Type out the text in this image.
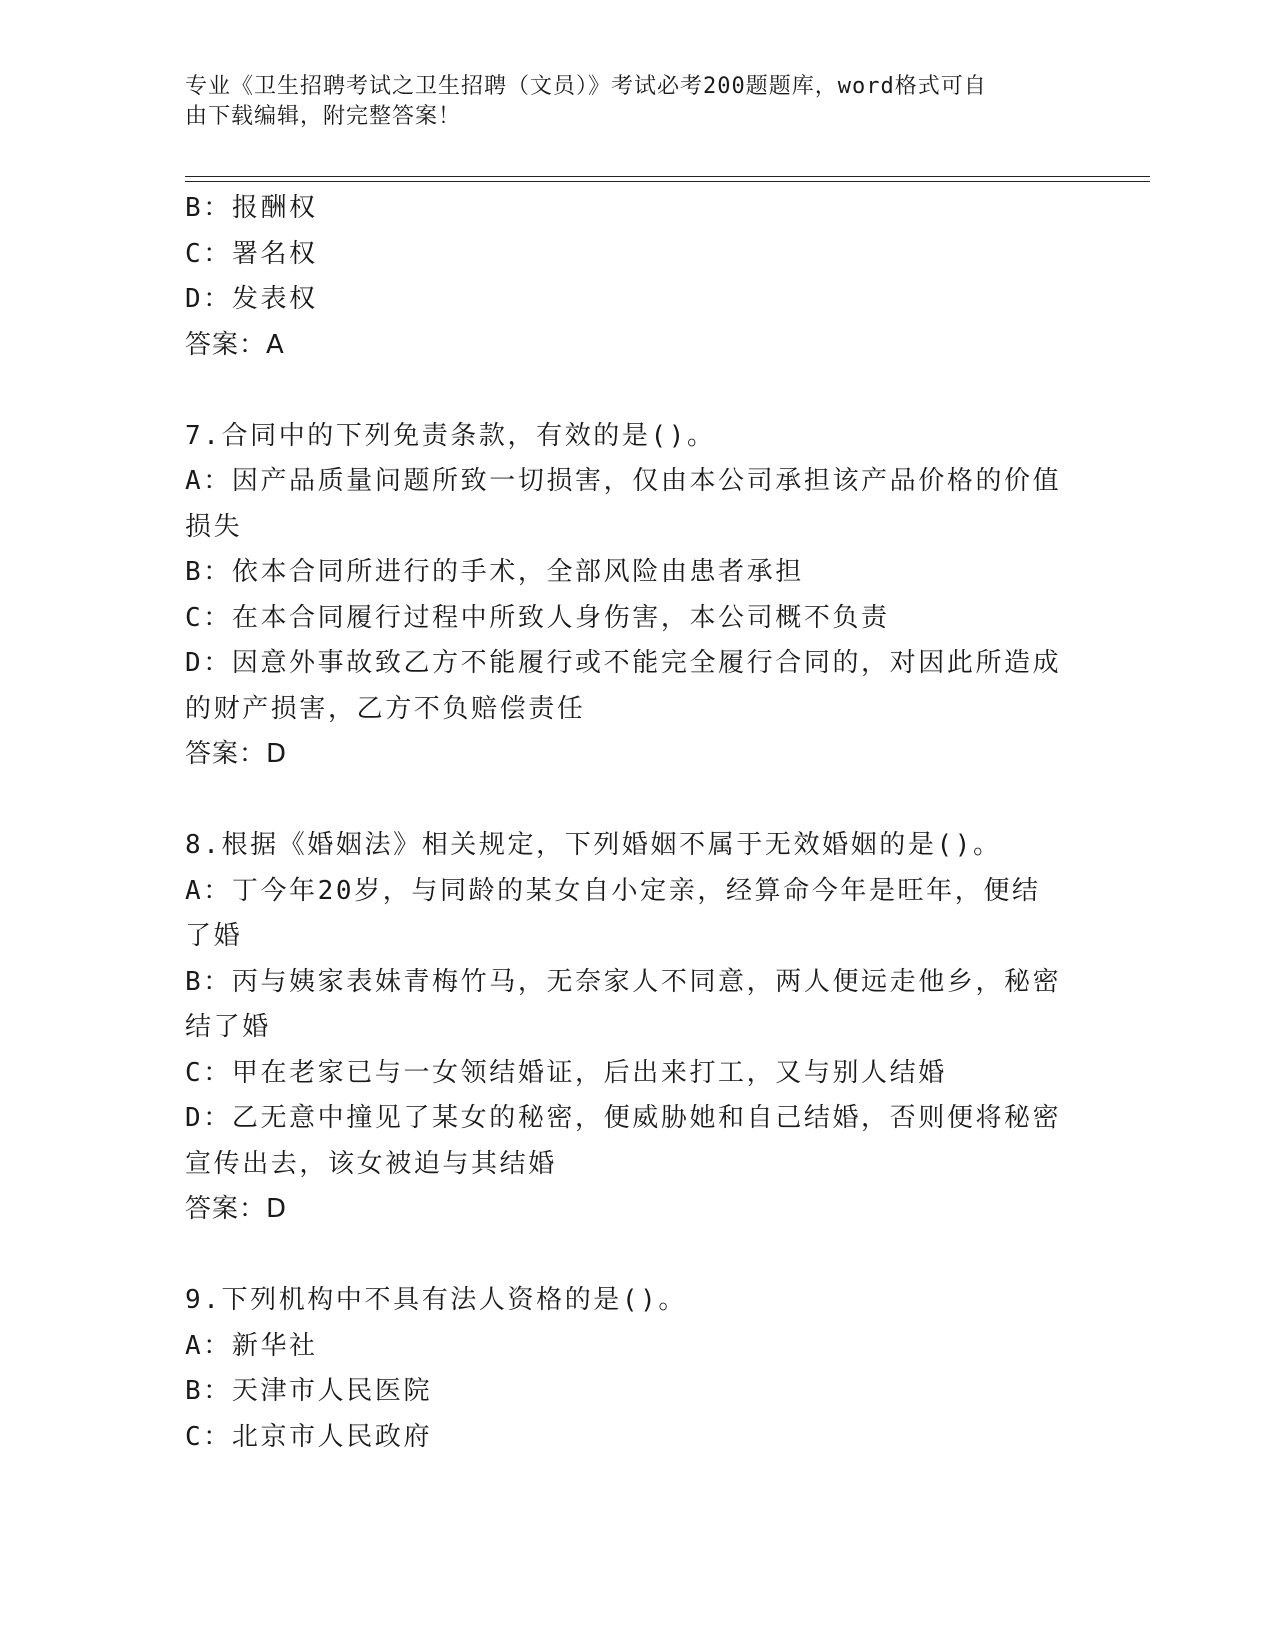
专业《卫生招聘考试之卫生招聘（文员）》考试必考200题题库，word格式可自
由下载编辑，附完整答案！
B：报酬权
C：署名权
D：发表权
答案：A
7.合同中的下列免责条款，有效的是()。
A：因产品质量问题所致一切损害，仅由本公司承担该产品价格的价值
损失
B：依本合同所进行的手术，全部风险由患者承担
C：在本合同履行过程中所致人身伤害，本公司概不负责
D：因意外事故致乙方不能履行或不能完全履行合同的，对因此所造成
的财产损害，乙方不负赔偿责任
答案：D
8.根据《婚姻法》相关规定，下列婚姻不属于无效婚姻的是()。
A：丁今年20岁，与同龄的某女自小定亲，经算命今年是旺年，便结
了婚
B：丙与姨家表妹青梅竹马，无奈家人不同意，两人便远走他乡，秘密
结了婚
C：甲在老家已与一女领结婚证，后出来打工，又与别人结婚
D：乙无意中撞见了某女的秘密，便威胁她和自己结婚，否则便将秘密
宣传出去，该女被迫与其结婚
答案：D
9.下列机构中不具有法人资格的是()。
A：新华社
B：天津市人民医院
C：北京市人民政府
